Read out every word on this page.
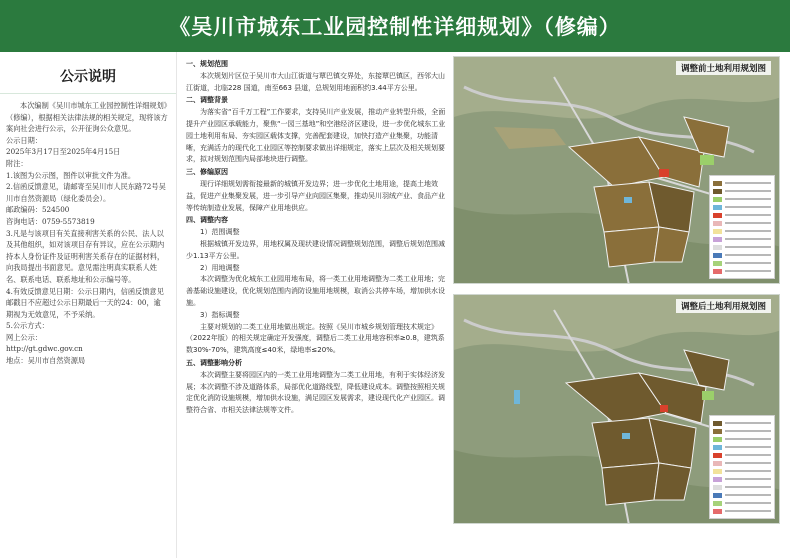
《吴川市城东工业园控制性详细规划》（修编）
公示说明

本次编制《吴川市城东工业园控制性详细规划》（修编），根据相关法律法规的相关规定，现将该方案向社会进行公示，公开征询公众意见。

公示日期：

2025年3月17日至2025年4月15日

附注：

1.该图为公示图，图件以审批文件为准。

2.信函反馈意见，请邮寄至吴川市人民东路72号吴川市自然资源局（绿化委员会）。

邮政编码：524500

咨询电话：0759-5573819

3.凡是与该项目有关直接利害关系的公民、法人以及其他组织，如对该项目存有异议，应在公示期内持本人身份证件及证明利害关系存在的证据材料，向我局提出书面意见。意见需注明真实联系人姓名、联系电话、联系地址和公示编号等。

4.有效反馈意见日期：公示日期内，信函反馈意见邮戳日不应超过公示日期最后一天的24：00，逾期视为无效意见，不予采纳。

5.公示方式：

网上公示：

http://gt.gdwc.gov.cn

地点：吴川市自然资源局

一、规划范围
本次规划片区位于吴川市大山江街道与覃巴镇交界处，东接覃巴镇区，西邻大山江街道，北临228 国道，南至663 县道，总规划用地面积约3.44平方公里。
二、调整背景
为落实省“百千万工程”工作要求，支持吴川产业发展，推动产业转型升级，全面提升产业园区承载能力，聚焦“一园三基地”和空港经济区建设，进一步优化城东工业园土地利用布局、夯实园区载体支撑，完善配套建设，加快打造产业集聚，功能清晰，充满活力的现代化工业园区等控制要求做出详细规定，落实上层次及相关规划要求，拟对规划范围内局部地块进行调整。
三、修编原因
现行详细规划需衔接最新的城镇开发边界；进一步优化土地用途，提高土地效益，促进产业集聚发展，进一步引导产业向园区集聚，推动吴川羽绒产业、食品产业等传统制造业发展，保障产业用地供应。
四、调整内容
1）范围调整
根据城镇开发边界，用地权属及现状建设情况调整规划范围，调整后规划范围减少1.13平方公里。
2）用地调整
本次调整为优化城东工业园用地布局，将一类工业用地调整为二类工业用地；完善基础设施建设，优化规划范围内消防设施用地规模，取消公共停车场，增加供水设施。
3）指标调整
主要对规划的二类工业用地做出规定。按照《吴川市城乡规划管理技术规定》（2022年版）的相关规定确定开发强度，调整后二类工业用地容积率≥0.8，建筑系数30%-70%，建筑高度≤40米，绿地率≤20%。
五、调整影响分析
本次调整主要将园区内的一类工业用地调整为二类工业用地，有利于实体经济发展；本次调整不涉及道路体系，局部优化道路线型，降低建设成本。调整按照相关规定优化消防设施规模，增加供水设施，满足园区发展需求，建设现代化产业园区。调整符合省、市相关法律法规等文件。
调整前土地利用规划图
调整后土地利用规划图
